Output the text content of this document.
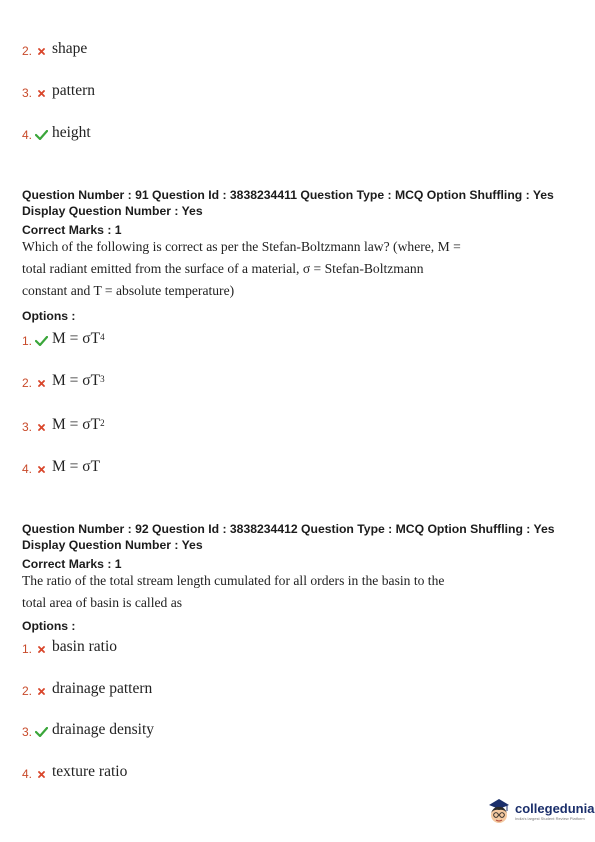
2. shape
3. pattern
4. height
Question Number : 91 Question Id : 3838234411 Question Type : MCQ Option Shuffling : Yes
Display Question Number : Yes
Correct Marks : 1
Which of the following is correct as per the Stefan-Boltzmann law? (where, M = total radiant emitted from the surface of a material, σ = Stefan-Boltzmann constant and T = absolute temperature)
Options :
1. $M = \sigma T^4$
2. $M = \sigma T^3$
3. $M = \sigma T^2$
4. M = σT
Question Number : 92 Question Id : 3838234412 Question Type : MCQ Option Shuffling : Yes
Display Question Number : Yes
Correct Marks : 1
The ratio of the total stream length cumulated for all orders in the basin to the total area of basin is called as
Options :
1. basin ratio
2. drainage pattern
3. drainage density
4. texture ratio
collegedunia
India's largest Student Review Platform
